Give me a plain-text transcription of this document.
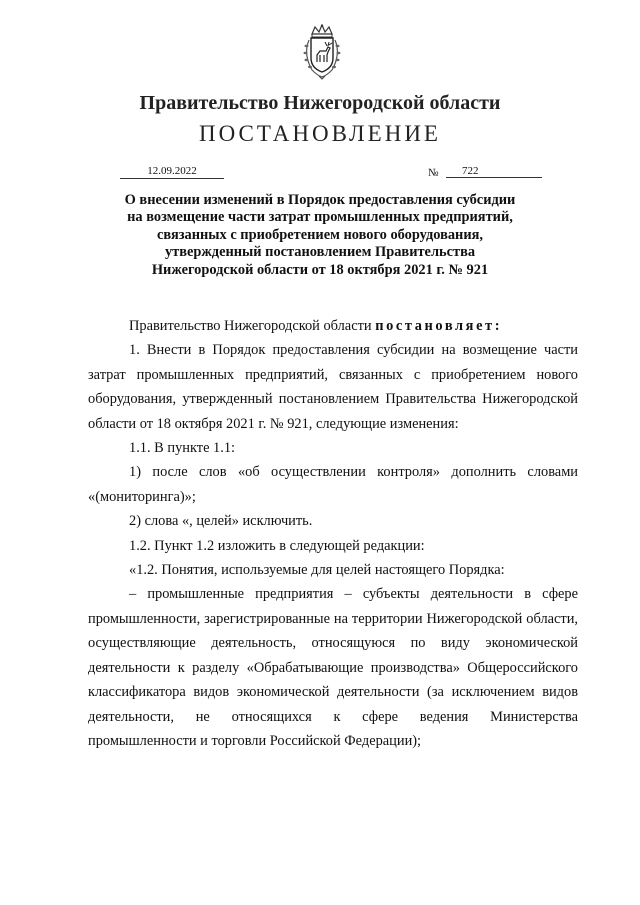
Правительство Нижегородской области
ПОСТАНОВЛЕНИЕ
12.09.2022	№	722
О внесении изменений в Порядок предоставления субсидии
на возмещение части затрат промышленных предприятий,
связанных с приобретением нового оборудования,
утвержденный постановлением Правительства
Нижегородской области от 18 октября 2021 г. № 921

Правительство Нижегородской области постановляет:

1. Внести в Порядок предоставления субсидии на возмещение части затрат промышленных предприятий, связанных с приобретением нового оборудования, утвержденный постановлением Правительства Нижегородской области от 18 октября 2021 г. № 921, следующие изменения:

1.1. В пункте 1.1:

1) после слов «об осуществлении контроля» дополнить словами «(мониторинга)»;

2) слова «, целей» исключить.

1.2. Пункт 1.2 изложить в следующей редакции:

«1.2. Понятия, используемые для целей настоящего Порядка:

– промышленные предприятия – субъекты деятельности в сфере промышленности, зарегистрированные на территории Нижегородской области, осуществляющие деятельность, относящуюся по виду экономической деятельности к разделу «Обрабатывающие производства» Общероссийского классификатора видов экономической деятельности (за исключением видов деятельности, не относящихся к сфере ведения Министерства промышленности и торговли Российской Федерации);
